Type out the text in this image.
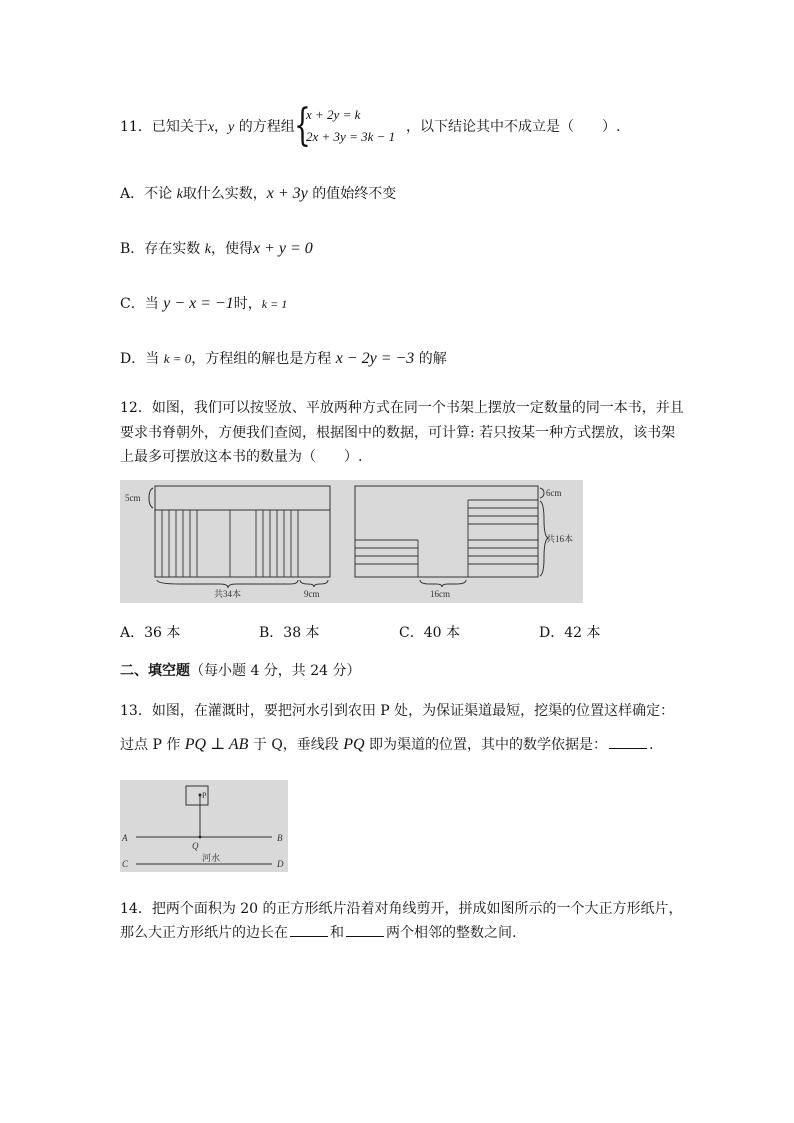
11．已知关于x，y 的方程组 {
x + 2y = k
2x + 3y = 3k − 1
，以下结论其中不成立是（　　）.
A．不论 k取什么实数，x + 3y 的值始终不变
B．存在实数 k，使得x + y = 0
C．当 y − x = −1时，k = 1
D．当 k = 0，方程组的解也是方程 x − 2y = −3 的解
12．如图，我们可以按竖放、平放两种方式在同一个书架上摆放一定数量的同一本书，并且
要求书脊朝外，方便我们查阅，根据图中的数据，可计算: 若只按某一种方式摆放，该书架
上最多可摆放这本书的数量为（　　）.
5cm
共34本	9cm
6cm
共16本
16cm
A．36 本	B．38 本	C．40 本	D．42 本
二、填空题（每小题 4 分，共 24 分）
13．如图，在灌溉时，要把河水引到农田 P 处，为保证渠道最短，挖渠的位置这样确定：
过点 P 作 PQ ⊥ AB 于 Q，垂线段 PQ 即为渠道的位置，其中的数学依据是：	.
P
A	B
Q
C	D
河水
14．把两个面积为 20 的正方形纸片沿着对角线剪开，拼成如图所示的一个大正方形纸片，
那么大正方形纸片的边长在	和	两个相邻的整数之间.
